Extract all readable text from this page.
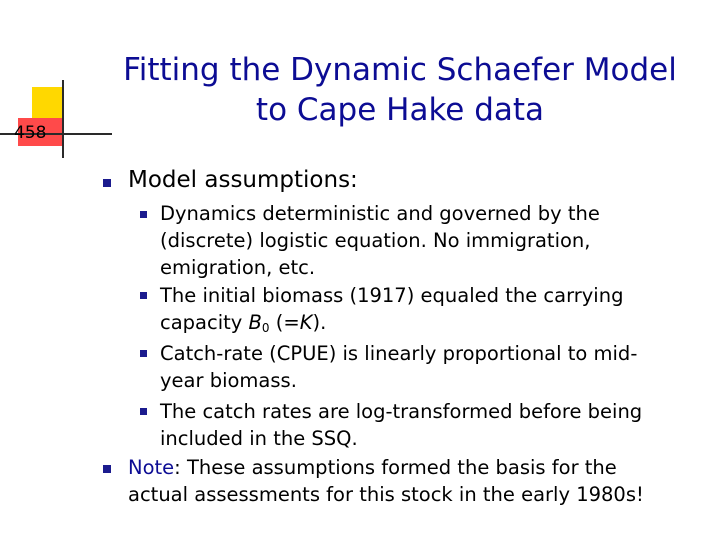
458
Fitting the Dynamic Schaefer Model
to Cape Hake data
Model assumptions:
Dynamics deterministic and governed by the
(discrete) logistic equation. No immigration,
emigration, etc.
The initial biomass (1917) equaled the carrying
capacity $B_0$ (=K).
Catch-rate (CPUE) is linearly proportional to mid-
year biomass.
The catch rates are log-transformed before being
included in the SSQ.
Note: These assumptions formed the basis for the
actual assessments for this stock in the early 1980s!
